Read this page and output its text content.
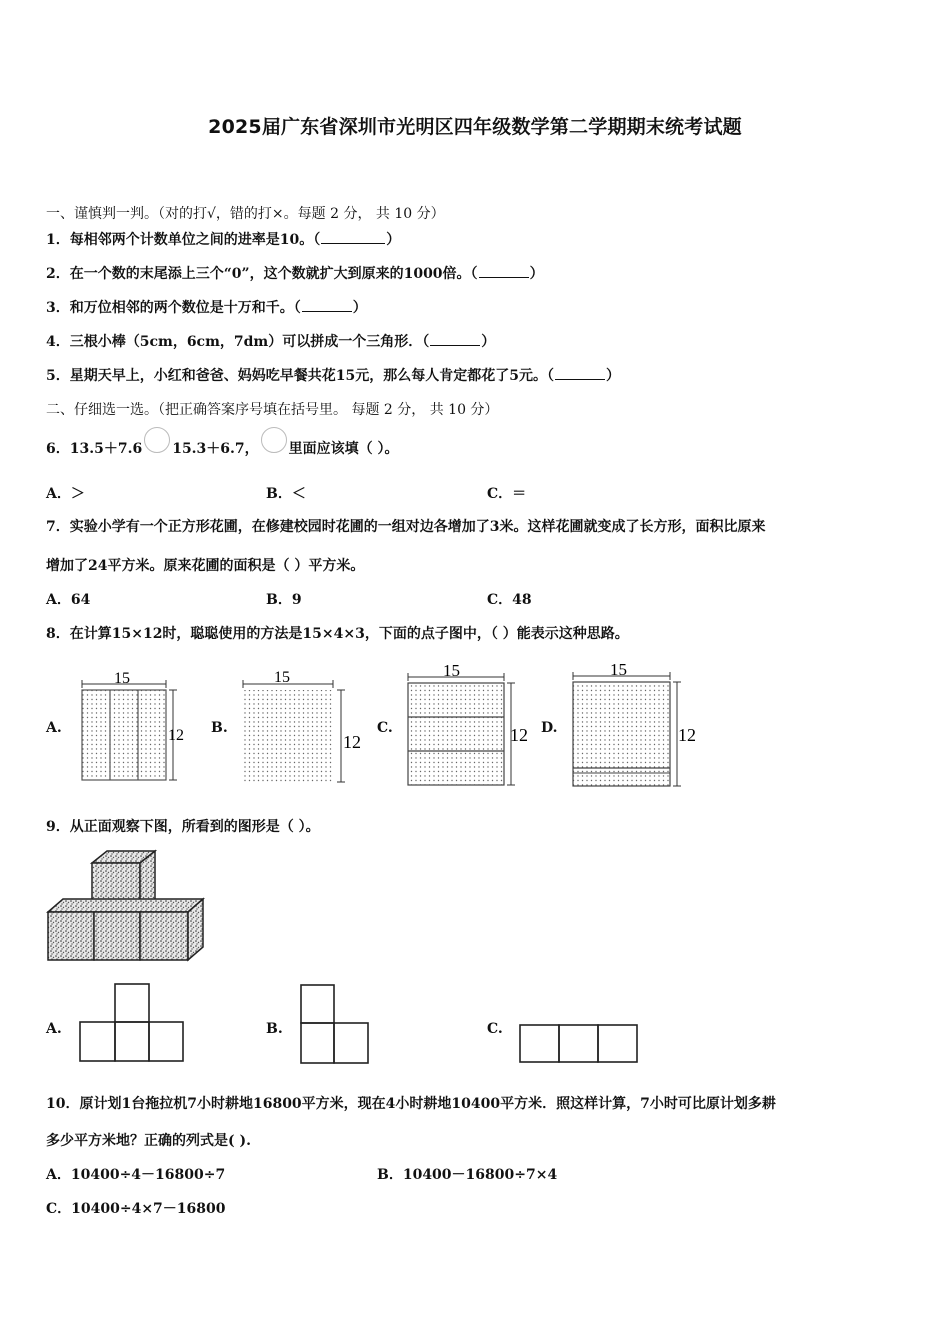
2025届广东省深圳市光明区四年级数学第二学期期末统考试题
一、谨慎判一判。（对的打√，错的打×。每题 2 分， 共 10 分）
1．每相邻两个计数单位之间的进率是10。（	）
2．在一个数的末尾添上三个“0”，这个数就扩大到原来的1000倍。（	）
3．和万位相邻的两个数位是十万和千。（	）
4．三根小棒（5cm，6cm，7dm）可以拼成一个三角形．（	）
5．星期天早上，小红和爸爸、妈妈吃早餐共花15元，那么每人肯定都花了5元。（	）
二、仔细选一选。（把正确答案序号填在括号里。 每题 2 分， 共 10 分）
6．13.5＋7.6 15.3＋6.7， 里面应该填（ ）。
A．＞	B．＜	C．＝
7．实验小学有一个正方形花圃，在修建校园时花圃的一组对边各增加了3米。这样花圃就变成了长方形，面积比原来
增加了24平方米。原来花圃的面积是（ ）平方米。
A．64	B．9	C．48
8．在计算15×12时，聪聪使用的方法是15×4×3，下面的点子图中，（ ）能表示这种思路。
A.	B.	C.	D.
15
12
15
12
15
12
15
12
9．从正面观察下图，所看到的图形是（ ）。
A.	B.	C.
10．原计划1台拖拉机7小时耕地16800平方米，现在4小时耕地10400平方米．照这样计算，7小时可比原计划多耕
多少平方米地？正确的列式是( ).
A．10400÷4－16800÷7	B．10400－16800÷7×4
C．10400÷4×7－16800
